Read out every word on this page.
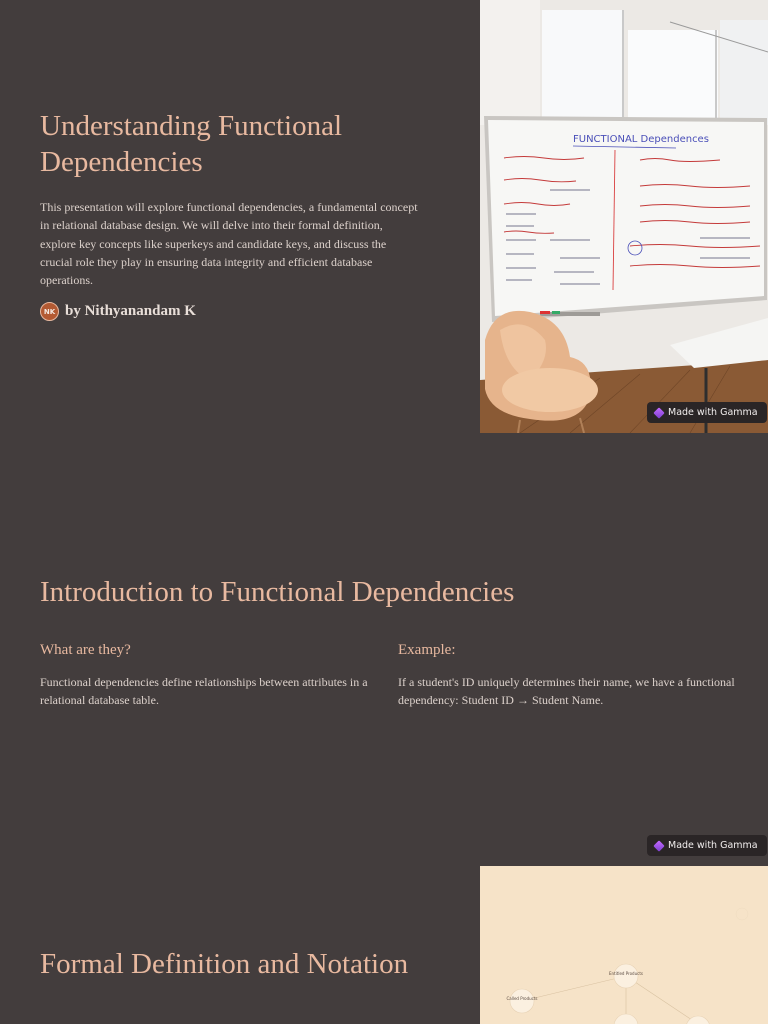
Understanding Functional Dependencies

This presentation will explore functional dependencies, a fundamental concept in relational database design. We will delve into their formal definition, explore key concepts like superkeys and candidate keys, and discuss the crucial role they play in ensuring data integrity and efficient database operations.

NK by Nithyanandam K
FUNCTIONAL Dependences
Made with Gamma
Introduction to Functional Dependencies
What are they?

Functional dependencies define relationships between attributes in a relational database table.

Example:

If a student's ID uniquely determines their name, we have a functional dependency: Student ID → Student Name.

Made with Gamma
Formal Definition and Notation	Entitled Products
Called Products
